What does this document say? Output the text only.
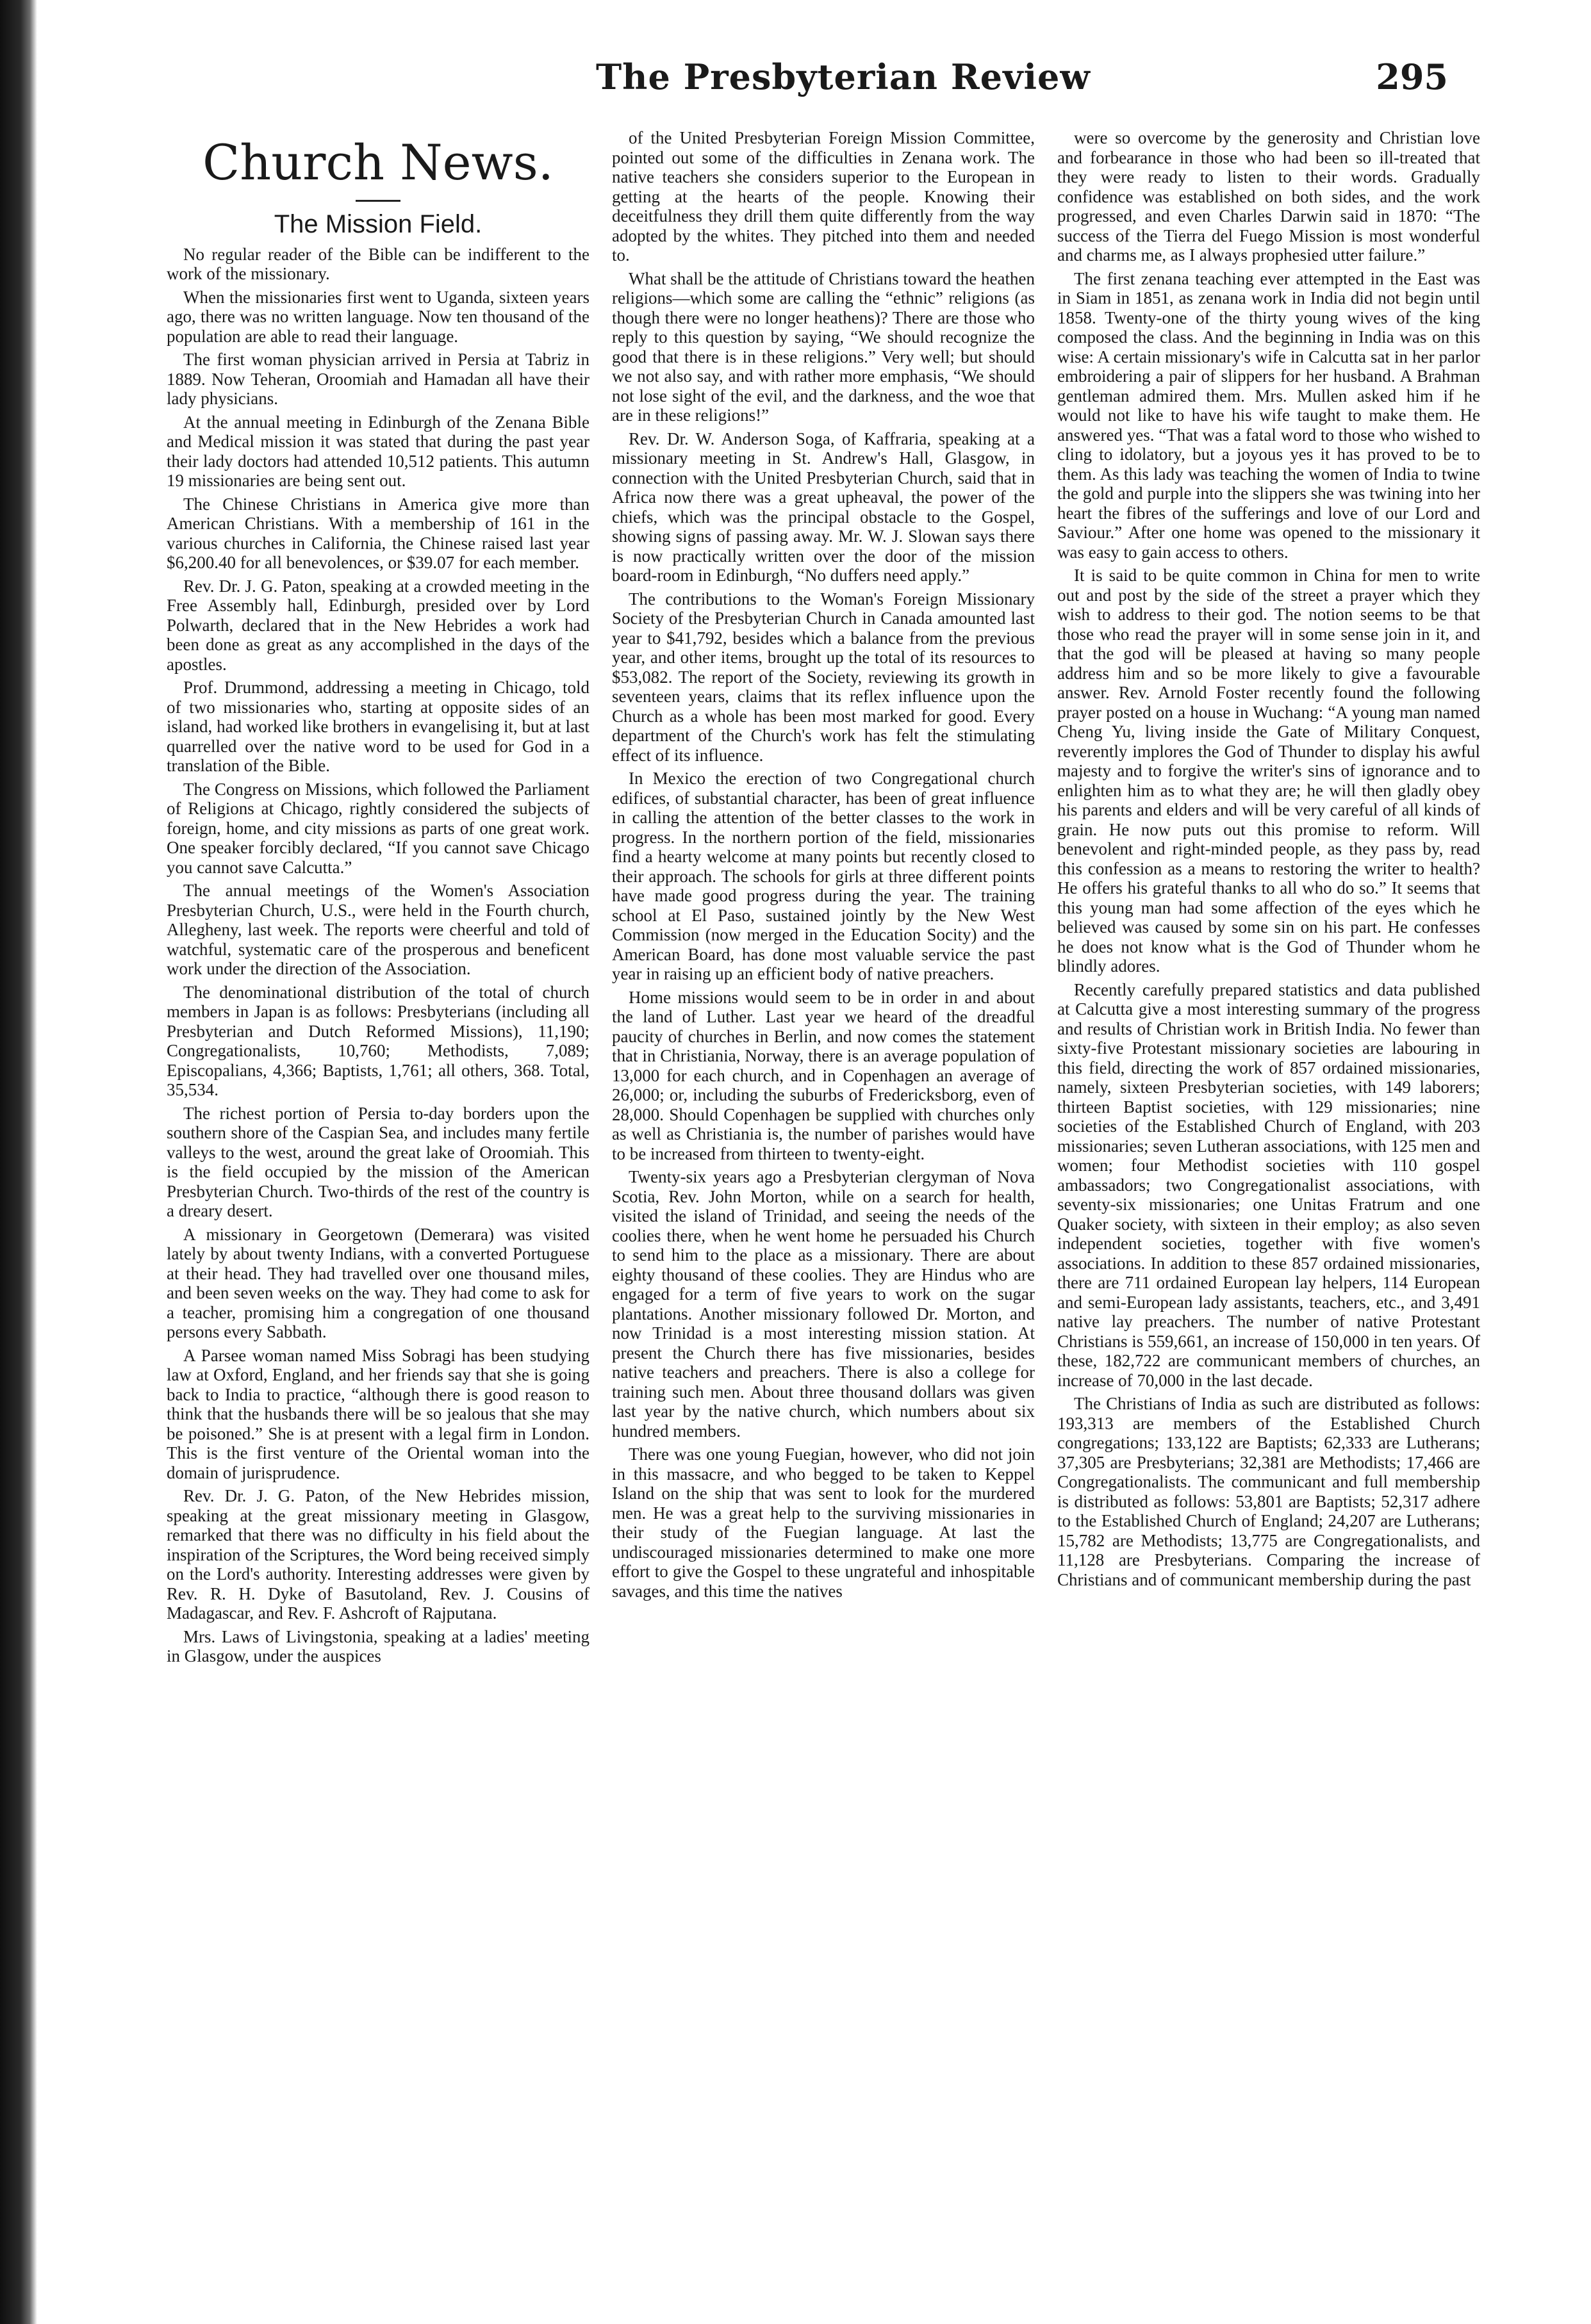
The Presbyterian Review	295
Church News.
The Mission Field.

No regular reader of the Bible can be indifferent to the work of the missionary.

When the missionaries first went to Uganda, sixteen years ago, there was no written language. Now ten thousand of the population are able to read their language.

The first woman physician arrived in Persia at Tabriz in 1889. Now Teheran, Oroomiah and Hamadan all have their lady physicians.

At the annual meeting in Edinburgh of the Zenana Bible and Medical mission it was stated that during the past year their lady doctors had attended 10,512 patients. This autumn 19 missionaries are being sent out.

The Chinese Christians in America give more than American Christians. With a membership of 161 in the various churches in California, the Chinese raised last year $6,200.40 for all benevolences, or $39.07 for each member.

Rev. Dr. J. G. Paton, speaking at a crowded meeting in the Free Assembly hall, Edinburgh, presided over by Lord Polwarth, declared that in the New Hebrides a work had been done as great as any accomplished in the days of the apostles.

Prof. Drummond, addressing a meeting in Chicago, told of two missionaries who, starting at opposite sides of an island, had worked like brothers in evangelising it, but at last quarrelled over the native word to be used for God in a translation of the Bible.

The Congress on Missions, which followed the Parliament of Religions at Chicago, rightly considered the subjects of foreign, home, and city missions as parts of one great work. One speaker forcibly declared, “If you cannot save Chicago you cannot save Calcutta.”

The annual meetings of the Women's Association Presbyterian Church, U.S., were held in the Fourth church, Allegheny, last week. The reports were cheerful and told of watchful, systematic care of the prosperous and beneficent work under the direction of the Association.

The denominational distribution of the total of church members in Japan is as follows: Presbyterians (including all Presbyterian and Dutch Reformed Missions), 11,190; Congregationalists, 10,760; Methodists, 7,089; Episcopalians, 4,366; Baptists, 1,761; all others, 368. Total, 35,534.

The richest portion of Persia to-day borders upon the southern shore of the Caspian Sea, and includes many fertile valleys to the west, around the great lake of Oroomiah. This is the field occupied by the mission of the American Presbyterian Church. Two-thirds of the rest of the country is a dreary desert.

A missionary in Georgetown (Demerara) was visited lately by about twenty Indians, with a converted Portuguese at their head. They had travelled over one thousand miles, and been seven weeks on the way. They had come to ask for a teacher, promising him a congregation of one thousand persons every Sabbath.

A Parsee woman named Miss Sobragi has been studying law at Oxford, England, and her friends say that she is going back to India to practice, “although there is good reason to think that the husbands there will be so jealous that she may be poisoned.” She is at present with a legal firm in London. This is the first venture of the Oriental woman into the domain of jurisprudence.

Rev. Dr. J. G. Paton, of the New Hebrides mission, speaking at the great missionary meeting in Glasgow, remarked that there was no difficulty in his field about the inspiration of the Scriptures, the Word being received simply on the Lord's authority. Interesting addresses were given by Rev. R. H. Dyke of Basutoland, Rev. J. Cousins of Madagascar, and Rev. F. Ashcroft of Rajputana.

Mrs. Laws of Livingstonia, speaking at a ladies' meeting in Glasgow, under the auspices

of the United Presbyterian Foreign Mission Committee, pointed out some of the difficulties in Zenana work. The native teachers she considers superior to the European in getting at the hearts of the people. Knowing their deceitfulness they drill them quite differently from the way adopted by the whites. They pitched into them and needed to.

What shall be the attitude of Christians toward the heathen religions—which some are calling the “ethnic” religions (as though there were no longer heathens)? There are those who reply to this question by saying, “We should recognize the good that there is in these religions.” Very well; but should we not also say, and with rather more emphasis, “We should not lose sight of the evil, and the darkness, and the woe that are in these religions!”

Rev. Dr. W. Anderson Soga, of Kaffraria, speaking at a missionary meeting in St. Andrew's Hall, Glasgow, in connection with the United Presbyterian Church, said that in Africa now there was a great upheaval, the power of the chiefs, which was the principal obstacle to the Gospel, showing signs of passing away. Mr. W. J. Slowan says there is now practically written over the door of the mission board-room in Edinburgh, “No duffers need apply.”

The contributions to the Woman's Foreign Missionary Society of the Presbyterian Church in Canada amounted last year to $41,792, besides which a balance from the previous year, and other items, brought up the total of its resources to $53,082. The report of the Society, reviewing its growth in seventeen years, claims that its reflex influence upon the Church as a whole has been most marked for good. Every department of the Church's work has felt the stimulating effect of its influence.

In Mexico the erection of two Congregational church edifices, of substantial character, has been of great influence in calling the attention of the better classes to the work in progress. In the northern portion of the field, missionaries find a hearty welcome at many points but recently closed to their approach. The schools for girls at three different points have made good progress during the year. The training school at El Paso, sustained jointly by the New West Commission (now merged in the Education Socity) and the American Board, has done most valuable service the past year in raising up an efficient body of native preachers.

Home missions would seem to be in order in and about the land of Luther. Last year we heard of the dreadful paucity of churches in Berlin, and now comes the statement that in Christiania, Norway, there is an average population of 13,000 for each church, and in Copenhagen an average of 26,000; or, including the suburbs of Fredericksborg, even of 28,000. Should Copenhagen be supplied with churches only as well as Christiania is, the number of parishes would have to be increased from thirteen to twenty-eight.

Twenty-six years ago a Presbyterian clergyman of Nova Scotia, Rev. John Morton, while on a search for health, visited the island of Trinidad, and seeing the needs of the coolies there, when he went home he persuaded his Church to send him to the place as a missionary. There are about eighty thousand of these coolies. They are Hindus who are engaged for a term of five years to work on the sugar plantations. Another missionary followed Dr. Morton, and now Trinidad is a most interesting mission station. At present the Church there has five missionaries, besides native teachers and preachers. There is also a college for training such men. About three thousand dollars was given last year by the native church, which numbers about six hundred members.

There was one young Fuegian, however, who did not join in this massacre, and who begged to be taken to Keppel Island on the ship that was sent to look for the murdered men. He was a great help to the surviving missionaries in their study of the Fuegian language. At last the undiscouraged missionaries determined to make one more effort to give the Gospel to these ungrateful and inhospitable savages, and this time the natives

were so overcome by the generosity and Christian love and forbearance in those who had been so ill-treated that they were ready to listen to their words. Gradually confidence was established on both sides, and the work progressed, and even Charles Darwin said in 1870: “The success of the Tierra del Fuego Mission is most wonderful and charms me, as I always prophesied utter failure.”

The first zenana teaching ever attempted in the East was in Siam in 1851, as zenana work in India did not begin until 1858. Twenty-one of the thirty young wives of the king composed the class. And the beginning in India was on this wise: A certain missionary's wife in Calcutta sat in her parlor embroidering a pair of slippers for her husband. A Brahman gentleman admired them. Mrs. Mullen asked him if he would not like to have his wife taught to make them. He answered yes. “That was a fatal word to those who wished to cling to idolatory, but a joyous yes it has proved to be to them. As this lady was teaching the women of India to twine the gold and purple into the slippers she was twining into her heart the fibres of the sufferings and love of our Lord and Saviour.” After one home was opened to the missionary it was easy to gain access to others.

It is said to be quite common in China for men to write out and post by the side of the street a prayer which they wish to address to their god. The notion seems to be that those who read the prayer will in some sense join in it, and that the god will be pleased at having so many people address him and so be more likely to give a favourable answer. Rev. Arnold Foster recently found the following prayer posted on a house in Wuchang: “A young man named Cheng Yu, living inside the Gate of Military Conquest, reverently implores the God of Thunder to display his awful majesty and to forgive the writer's sins of ignorance and to enlighten him as to what they are; he will then gladly obey his parents and elders and will be very careful of all kinds of grain. He now puts out this promise to reform. Will benevolent and right-minded people, as they pass by, read this confession as a means to restoring the writer to health? He offers his grateful thanks to all who do so.” It seems that this young man had some affection of the eyes which he believed was caused by some sin on his part. He confesses he does not know what is the God of Thunder whom he blindly adores.

Recently carefully prepared statistics and data published at Calcutta give a most interesting summary of the progress and results of Christian work in British India. No fewer than sixty-five Protestant missionary societies are labouring in this field, directing the work of 857 ordained missionaries, namely, sixteen Presbyterian societies, with 149 laborers; thirteen Baptist societies, with 129 missionaries; nine societies of the Established Church of England, with 203 missionaries; seven Lutheran associations, with 125 men and women; four Methodist societies with 110 gospel ambassadors; two Congregationalist associations, with seventy-six missionaries; one Unitas Fratrum and one Quaker society, with sixteen in their employ; as also seven independent societies, together with five women's associations. In addition to these 857 ordained missionaries, there are 711 ordained European lay helpers, 114 European and semi-European lady assistants, teachers, etc., and 3,491 native lay preachers. The number of native Protestant Christians is 559,661, an increase of 150,000 in ten years. Of these, 182,722 are communicant members of churches, an increase of 70,000 in the last decade.

The Christians of India as such are distributed as follows: 193,313 are members of the Established Church congregations; 133,122 are Baptists; 62,333 are Lutherans; 37,305 are Presbyterians; 32,381 are Methodists; 17,466 are Congregationalists. The communicant and full membership is distributed as follows: 53,801 are Baptists; 52,317 adhere to the Established Church of England; 24,207 are Lutherans; 15,782 are Methodists; 13,775 are Congregationalists, and 11,128 are Presbyterians. Comparing the increase of Christians and of communicant membership during the past
